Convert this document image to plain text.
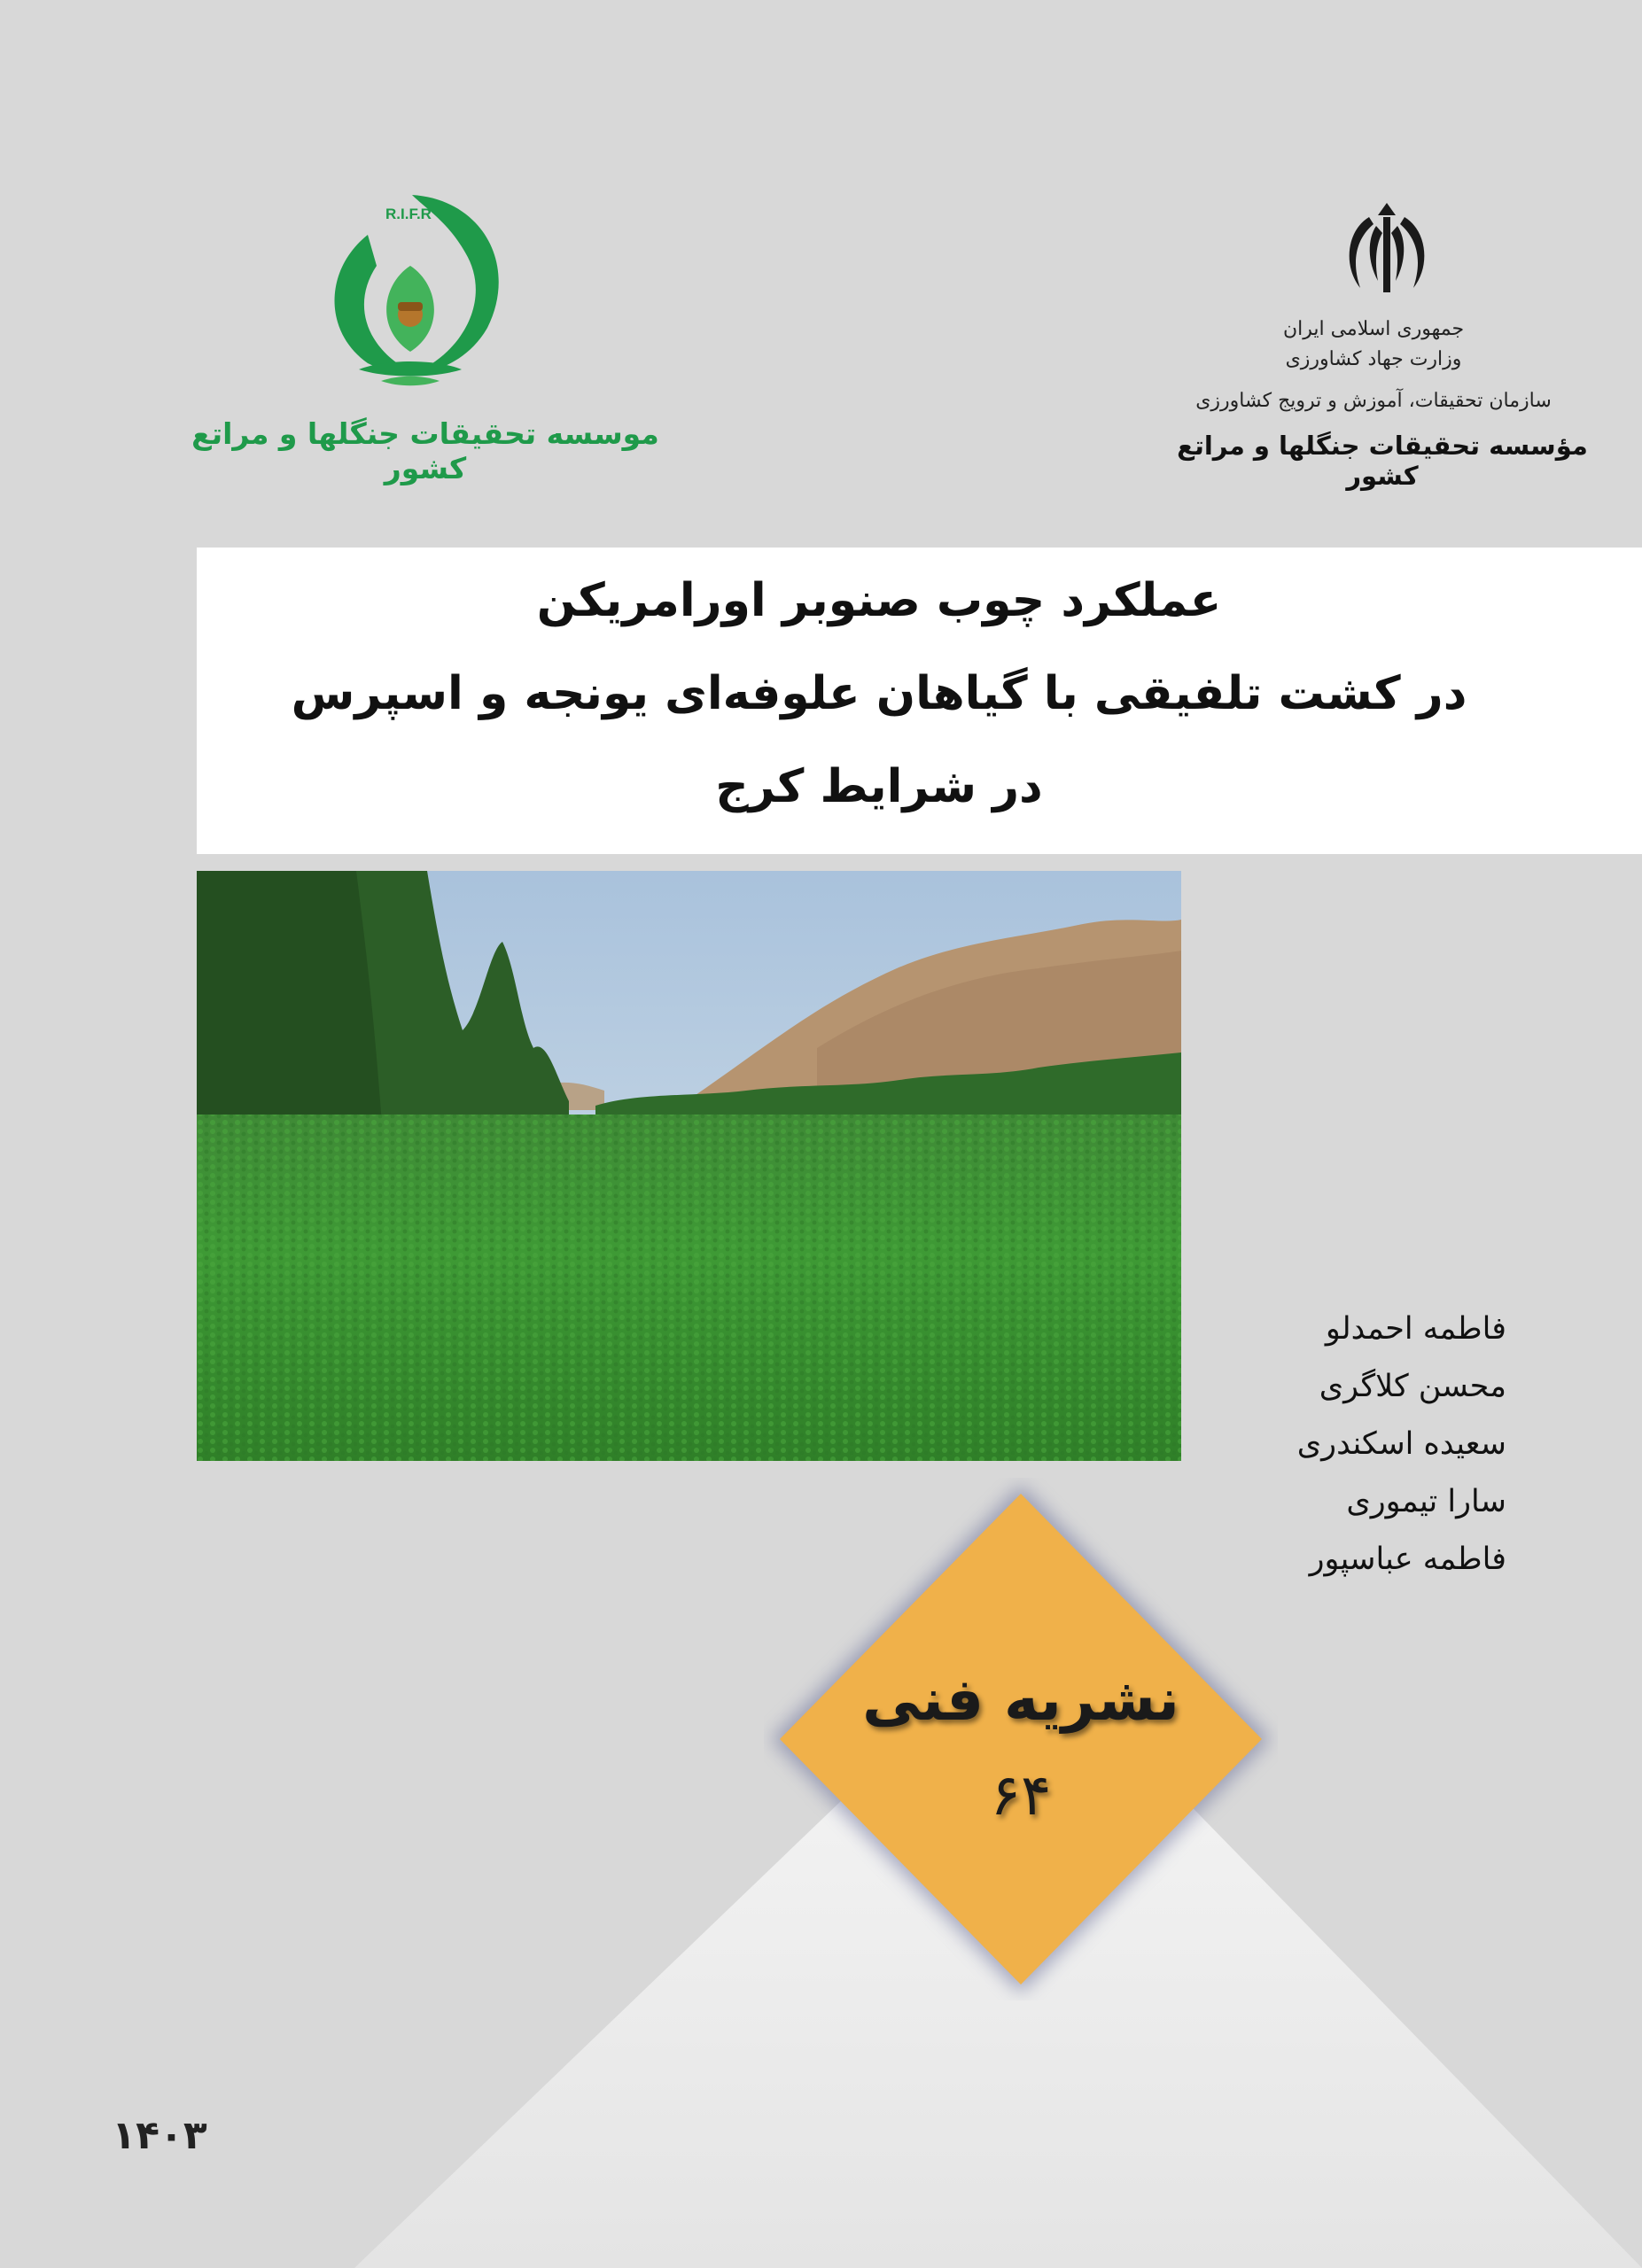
R.I.F.R
موسسه تحقیقات جنگلها و مراتع کشور
جمهوری اسلامی ایران
وزارت جهاد کشاورزی
سازمان تحقیقات، آموزش و ترویج کشاورزی
مؤسسه تحقیقات جنگلها و مراتع کشور
عملکرد چوب صنوبر اورامریکن
در کشت تلفیقی با گیاهان علوفه‌ای یونجه و اسپرس
در شرایط کرج
فاطمه احمدلو
محسن کلاگری
سعیده اسکندری
سارا تیموری
فاطمه عباسپور
نشریه فنی
۶۴
۱۴۰۳
